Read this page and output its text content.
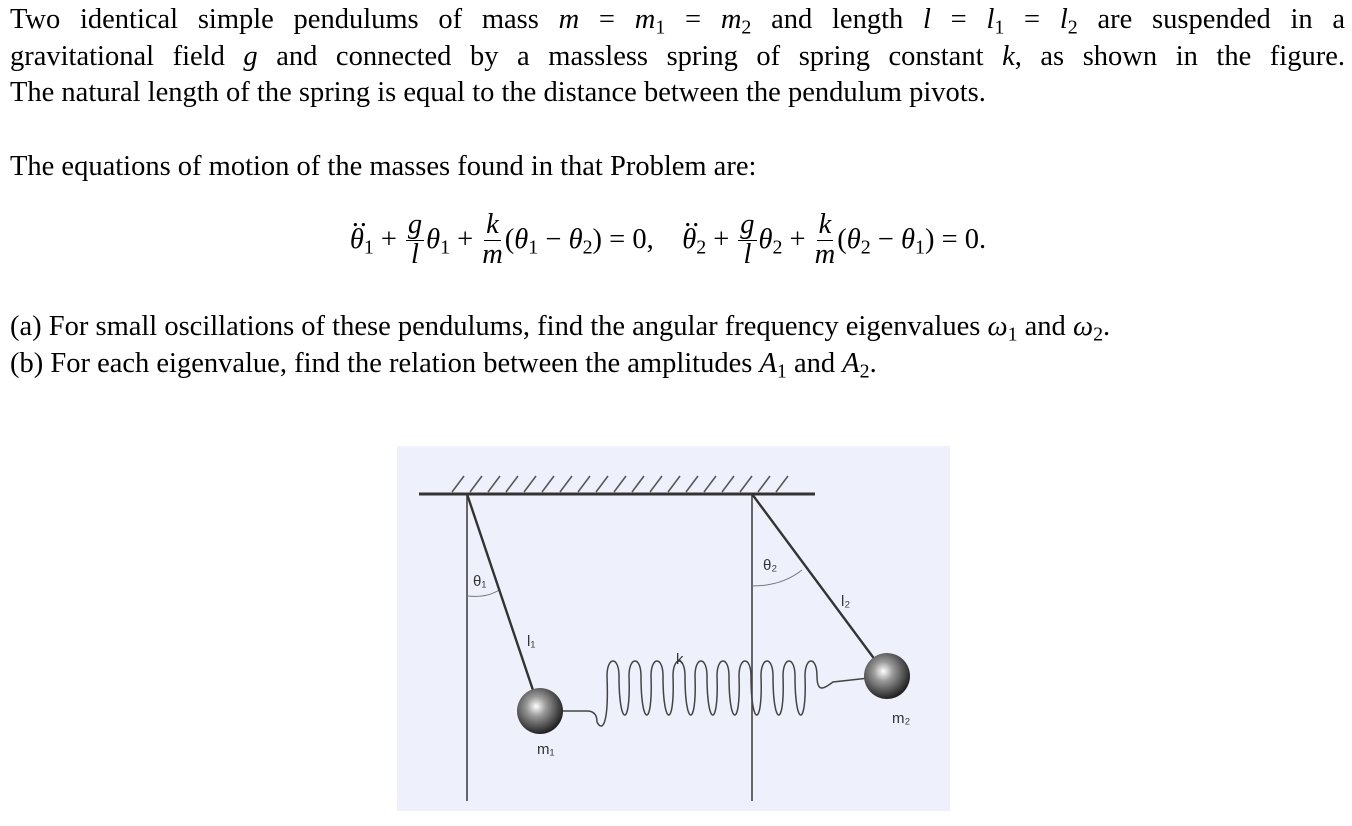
Two identical simple pendulums of mass $m = m_1 = m_2$ and length $l = l_1 = l_2$ are suspended in a
gravitational field g and connected by a massless spring of spring constant k, as shown in the figure.
The natural length of the spring is equal to the distance between the pendulum pivots.
The equations of motion of the masses found in that Problem are:
.. $\theta_1 + \frac{g}{l} \theta_1 + \frac{k}{m} (\theta_1 - \theta_2) = 0$,    .. $\theta_2 + \frac{g}{l} \theta_2 + \frac{k}{m} (\theta_2 - \theta_1) = 0$.
(a) For small oscillations of these pendulums, find the angular frequency eigenvalues $\omega_1$ and $\omega_2$.
(b) For each eigenvalue, find the relation between the amplitudes $A_1$ and $A_2$.
θ₁
θ₂
l₁
l₂
k
m₁
m₂
